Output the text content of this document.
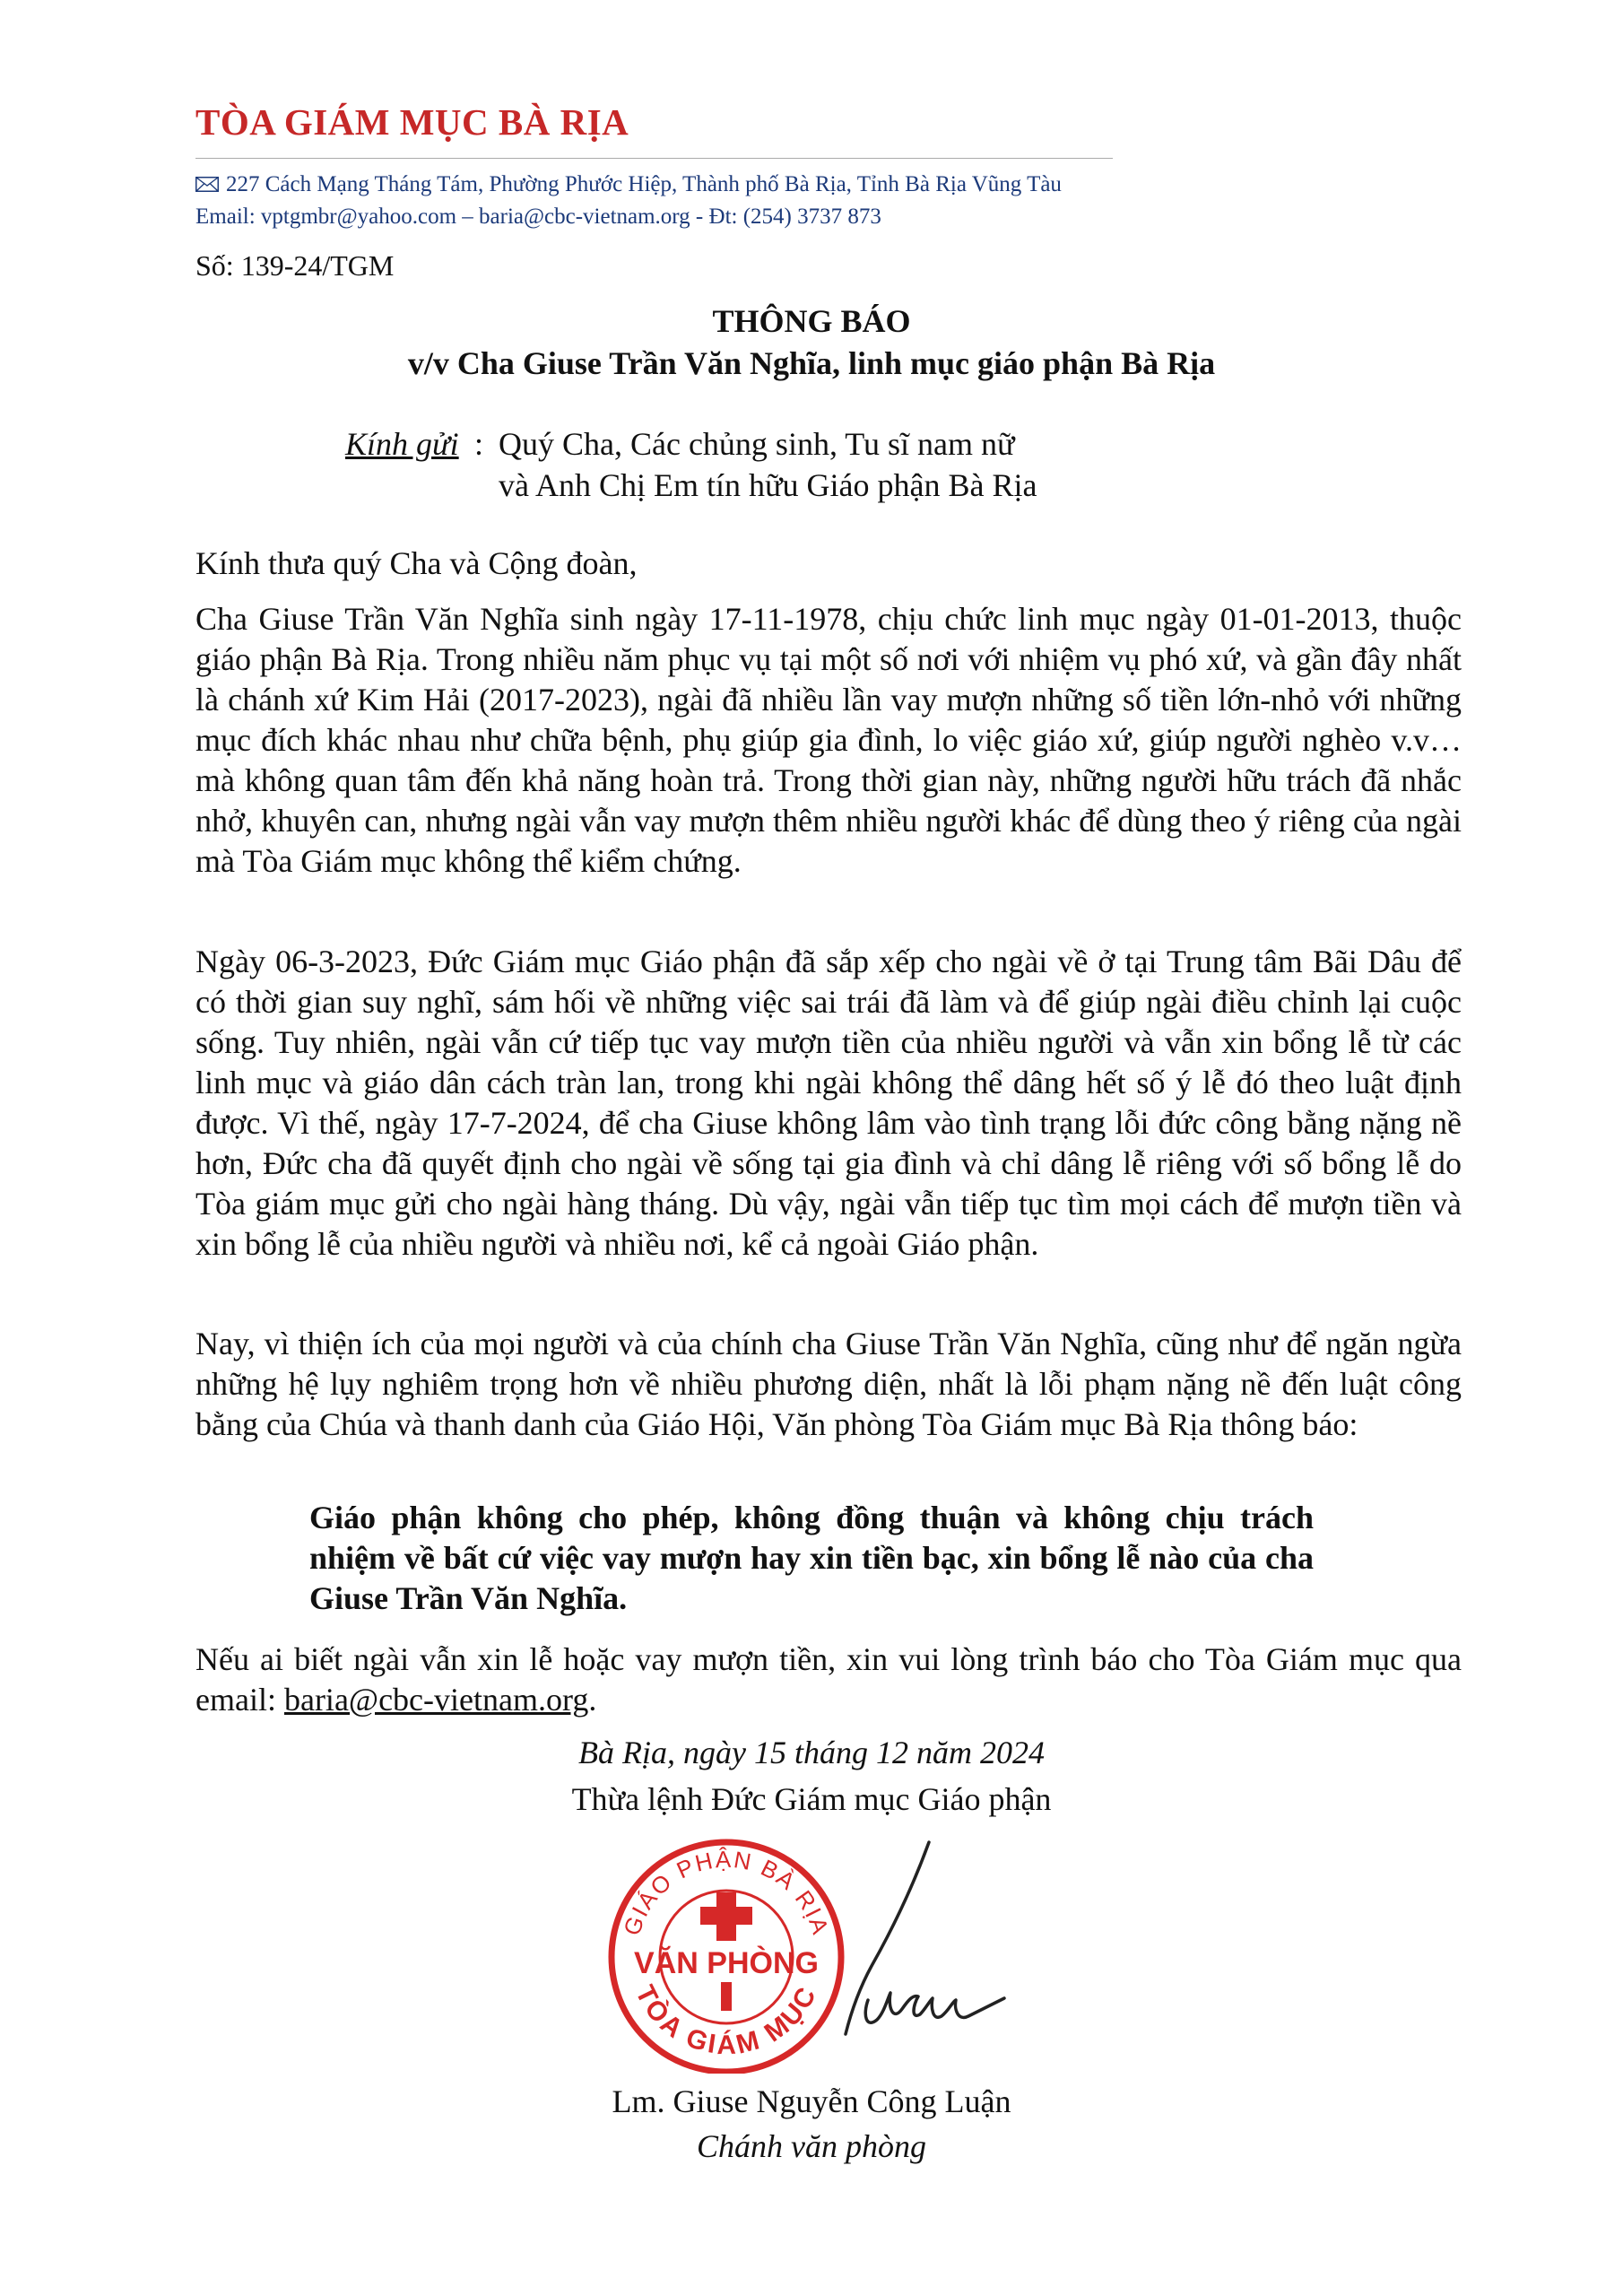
TÒA GIÁM MỤC BÀ RỊA
227 Cách Mạng Tháng Tám, Phường Phước Hiệp, Thành phố Bà Rịa, Tỉnh Bà Rịa Vũng Tàu
Email: vptgmbr@yahoo.com – baria@cbc-vietnam.org - Đt: (254) 3737 873
Số: 139-24/TGM
THÔNG BÁO
v/v Cha Giuse Trần Văn Nghĩa, linh mục giáo phận Bà Rịa
Kính gửi : Quý Cha, Các chủng sinh, Tu sĩ nam nữ
và Anh Chị Em tín hữu Giáo phận Bà Rịa
Kính thưa quý Cha và Cộng đoàn,
Cha Giuse Trần Văn Nghĩa sinh ngày 17-11-1978, chịu chức linh mục ngày 01-01-2013, thuộc giáo phận Bà Rịa. Trong nhiều năm phục vụ tại một số nơi với nhiệm vụ phó xứ, và gần đây nhất là chánh xứ Kim Hải (2017-2023), ngài đã nhiều lần vay mượn những số tiền lớn-nhỏ với những mục đích khác nhau như chữa bệnh, phụ giúp gia đình, lo việc giáo xứ, giúp người nghèo v.v… mà không quan tâm đến khả năng hoàn trả. Trong thời gian này, những người hữu trách đã nhắc nhở, khuyên can, nhưng ngài vẫn vay mượn thêm nhiều người khác để dùng theo ý riêng của ngài mà Tòa Giám mục không thể kiểm chứng.
Ngày 06-3-2023, Đức Giám mục Giáo phận đã sắp xếp cho ngài về ở tại Trung tâm Bãi Dâu để có thời gian suy nghĩ, sám hối về những việc sai trái đã làm và để giúp ngài điều chỉnh lại cuộc sống. Tuy nhiên, ngài vẫn cứ tiếp tục vay mượn tiền của nhiều người và vẫn xin bổng lễ từ các linh mục và giáo dân cách tràn lan, trong khi ngài không thể dâng hết số ý lễ đó theo luật định được. Vì thế, ngày 17-7-2024, để cha Giuse không lâm vào tình trạng lỗi đức công bằng nặng nề hơn, Đức cha đã quyết định cho ngài về sống tại gia đình và chỉ dâng lễ riêng với số bổng lễ do Tòa giám mục gửi cho ngài hàng tháng. Dù vậy, ngài vẫn tiếp tục tìm mọi cách để mượn tiền và xin bổng lễ của nhiều người và nhiều nơi, kể cả ngoài Giáo phận.
Nay, vì thiện ích của mọi người và của chính cha Giuse Trần Văn Nghĩa, cũng như để ngăn ngừa những hệ lụy nghiêm trọng hơn về nhiều phương diện, nhất là lỗi phạm nặng nề đến luật công bằng của Chúa và thanh danh của Giáo Hội, Văn phòng Tòa Giám mục Bà Rịa thông báo:
Giáo phận không cho phép, không đồng thuận và không chịu trách nhiệm về bất cứ việc vay mượn hay xin tiền bạc, xin bổng lễ nào của cha Giuse Trần Văn Nghĩa.
Nếu ai biết ngài vẫn xin lễ hoặc vay mượn tiền, xin vui lòng trình báo cho Tòa Giám mục qua email: baria@cbc-vietnam.org.
Bà Rịa, ngày 15 tháng 12 năm 2024
Thừa lệnh Đức Giám mục Giáo phận
GIÁO PHẬN BÀ RỊA
TÒA GIÁM MỤC
VĂN PHÒNG
Lm. Giuse Nguyễn Công Luận
Chánh văn phòng
